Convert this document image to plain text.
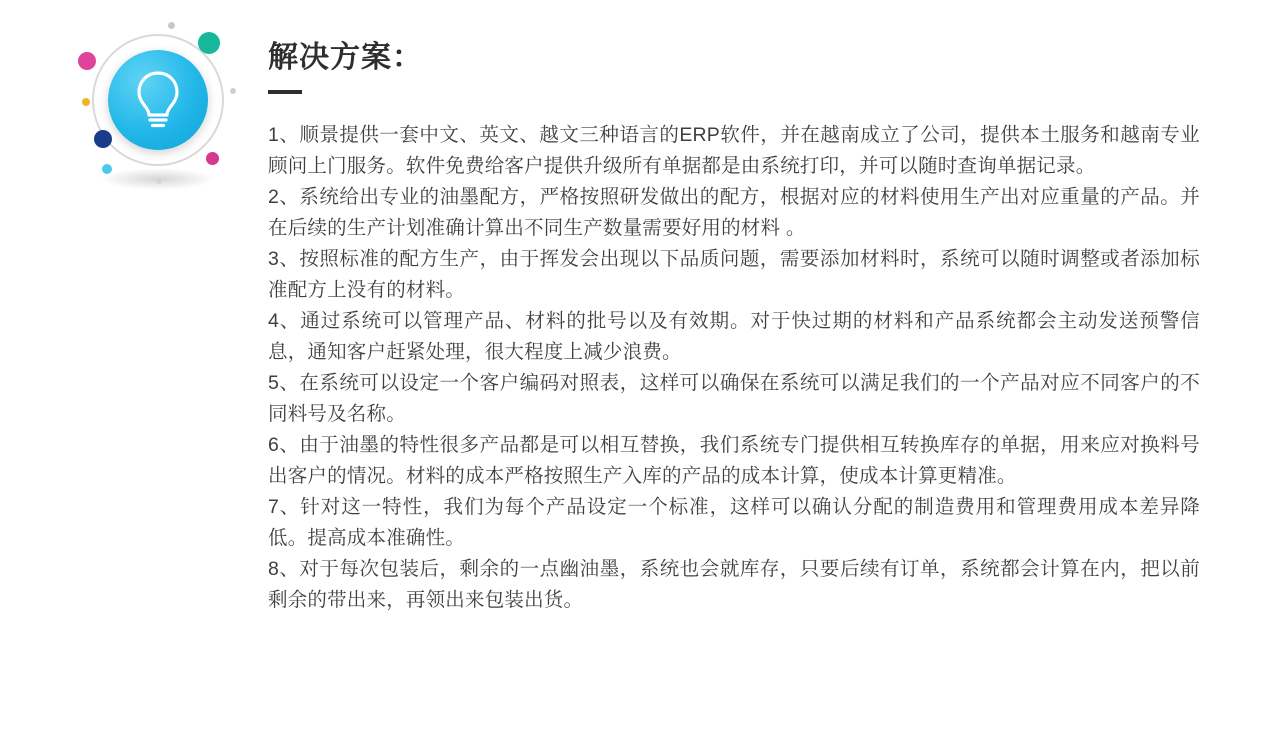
解决方案：

1、顺景提供一套中文、英文、越文三种语言的ERP软件，并在越南成立了公司，提供本土服务和越南专业顾问上门服务。软件免费给客户提供升级所有单据都是由系统打印，并可以随时查询单据记录。

2、系统给出专业的油墨配方，严格按照研发做出的配方，根据对应的材料使用生产出对应重量的产品。并在后续的生产计划准确计算出不同生产数量需要好用的材料 。

3、按照标准的配方生产，由于挥发会出现以下品质问题，需要添加材料时，系统可以随时调整或者添加标准配方上没有的材料。

4、通过系统可以管理产品、材料的批号以及有效期。对于快过期的材料和产品系统都会主动发送预警信息，通知客户赶紧处理，很大程度上减少浪费。

5、在系统可以设定一个客户编码对照表，这样可以确保在系统可以满足我们的一个产品对应不同客户的不同料号及名称。

6、由于油墨的特性很多产品都是可以相互替换，我们系统专门提供相互转换库存的单据，用来应对换料号出客户的情况。材料的成本严格按照生产入库的产品的成本计算，使成本计算更精准。

7、针对这一特性，我们为每个产品设定一个标准，这样可以确认分配的制造费用和管理费用成本差异降低。提高成本准确性。

8、对于每次包装后，剩余的一点幽油墨，系统也会就库存，只要后续有订单，系统都会计算在内，把以前剩余的带出来，再领出来包装出货。
